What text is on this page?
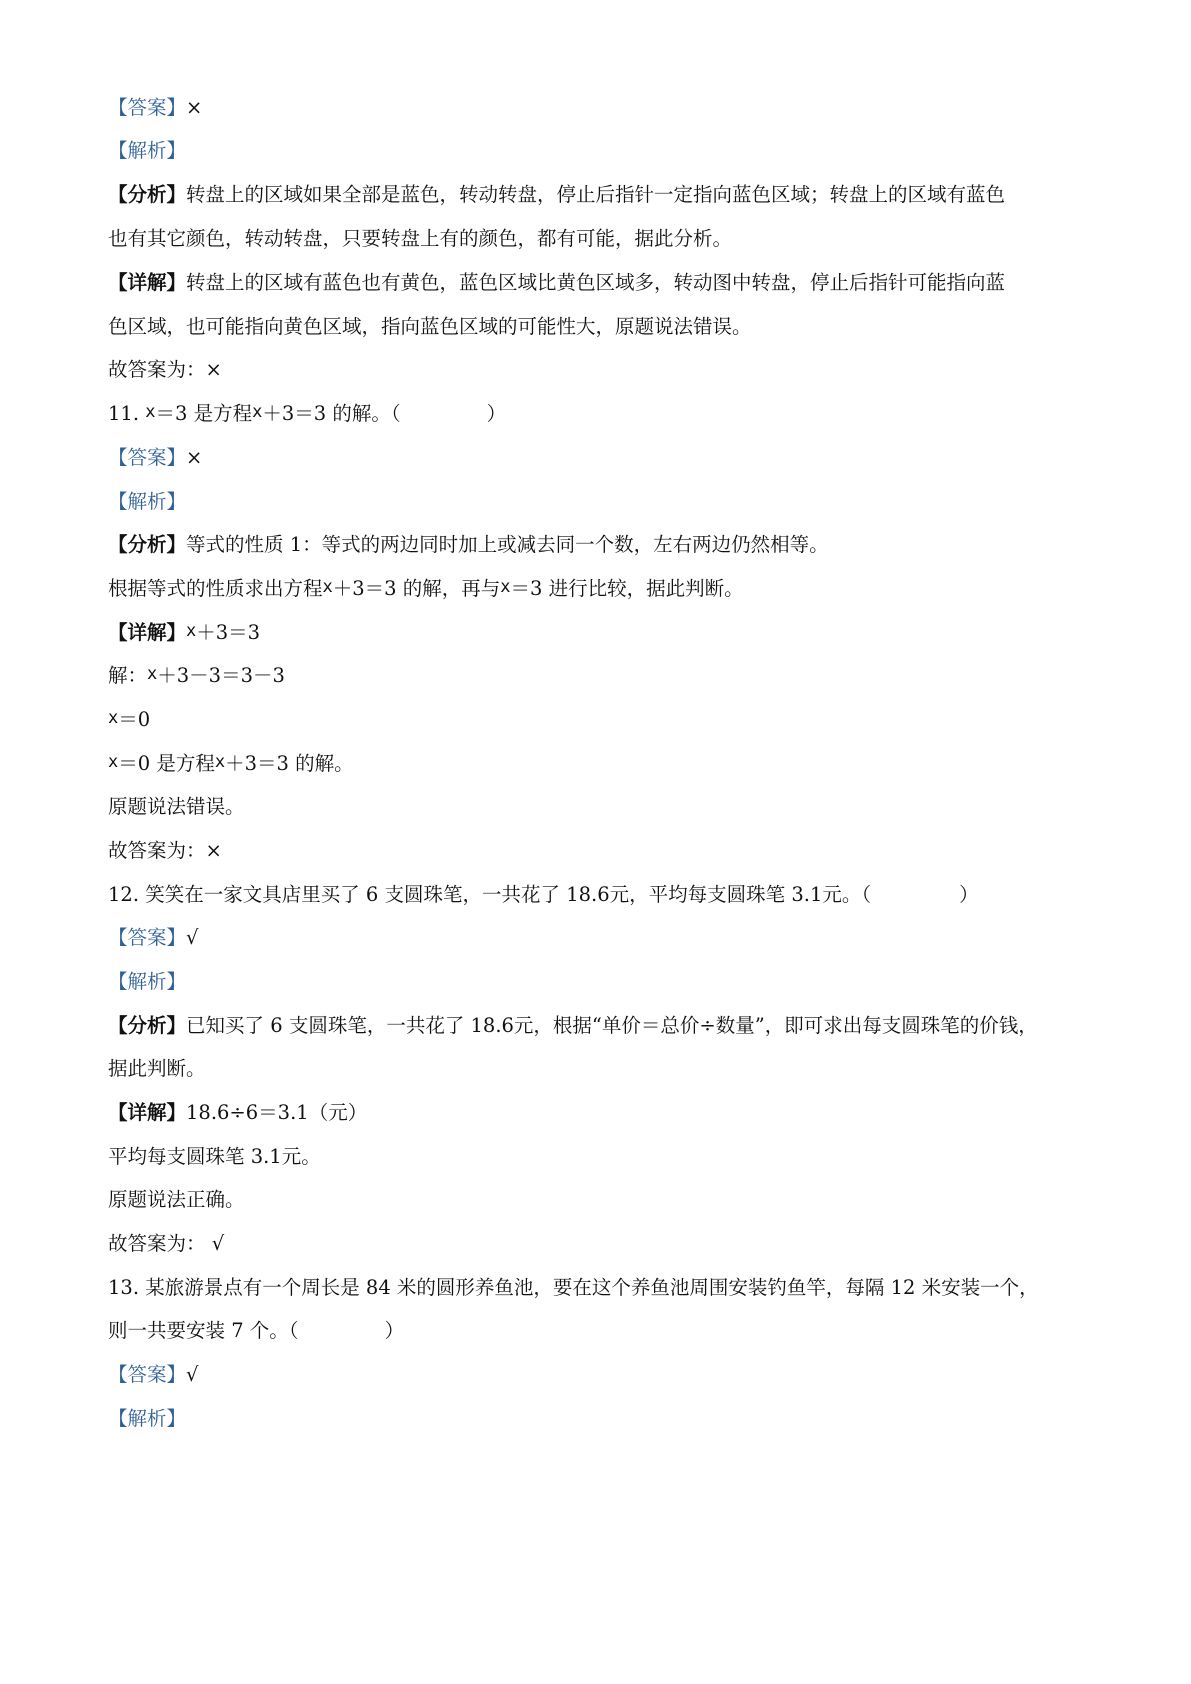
【答案】×
【解析】
【分析】转盘上的区域如果全部是蓝色，转动转盘，停止后指针一定指向蓝色区域；转盘上的区域有蓝色
也有其它颜色，转动转盘，只要转盘上有的颜色，都有可能，据此分析。
【详解】转盘上的区域有蓝色也有黄色，蓝色区域比黄色区域多，转动图中转盘，停止后指针可能指向蓝
色区域，也可能指向黄色区域，指向蓝色区域的可能性大，原题说法错误。
故答案为：×
11. x＝3 是方程x＋3＝3 的解。（	）
【答案】×
【解析】
【分析】等式的性质 1：等式的两边同时加上或减去同一个数，左右两边仍然相等。
根据等式的性质求出方程x＋3＝3 的解，再与x＝3 进行比较，据此判断。
【详解】x＋3＝3
解：x＋3－3＝3－3
x＝0
x＝0 是方程x＋3＝3 的解。
原题说法错误。
故答案为：×
12. 笑笑在一家文具店里买了 6 支圆珠笔，一共花了 18.6元，平均每支圆珠笔 3.1元。（	）
【答案】√
【解析】
【分析】已知买了 6 支圆珠笔，一共花了 18.6元，根据“单价＝总价÷数量”，即可求出每支圆珠笔的价钱，
据此判断。
【详解】18.6÷6＝3.1（元）
平均每支圆珠笔 3.1元。
原题说法正确。
故答案为： √
13. 某旅游景点有一个周长是 84 米的圆形养鱼池，要在这个养鱼池周围安装钓鱼竿，每隔 12 米安装一个，
则一共要安装 7 个。（	）
【答案】√
【解析】
